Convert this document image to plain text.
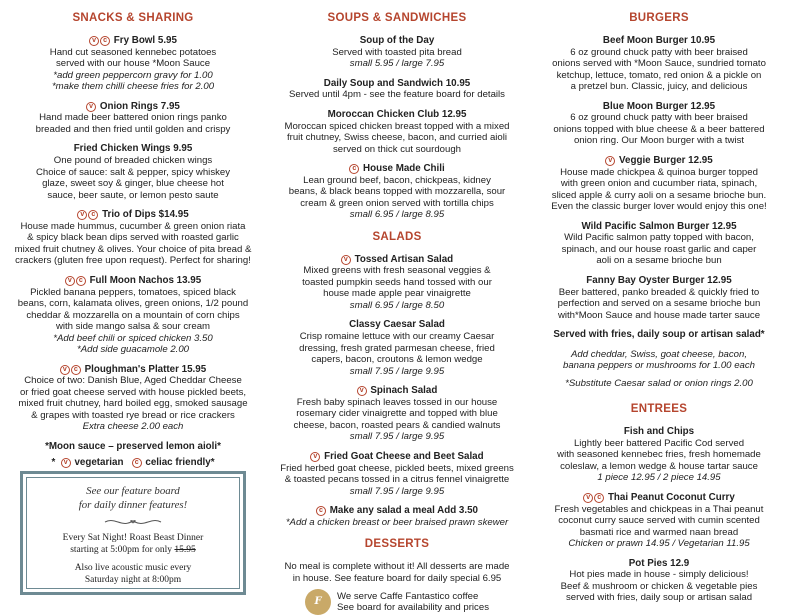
SNACKS & SHARING
v c Fry Bowl 5.95
Hand cut seasoned kennebec potatoes
served with our house *Moon Sauce
*add green peppercorn gravy for 1.00
*make them chilli cheese fries for 2.00
v Onion Rings 7.95
Hand made beer battered onion rings panko
breaded and then fried until golden and crispy
Fried Chicken Wings 9.95
One pound of breaded chicken wings
Choice of sauce: salt & pepper, spicy whiskey
glaze, sweet soy & ginger, blue cheese hot
sauce, beer saute, or lemon pesto saute
v c Trio of Dips $14.95
House made hummus, cucumber & green onion riata
& spicy black bean dips served with roasted garlic
mixed fruit chutney & olives. Your choice of pita bread &
crackers (gluten free upon request). Perfect for sharing!
v c Full Moon Nachos 13.95
Pickled banana peppers, tomatoes, spiced black
beans, corn, kalamata olives, green onions, 1/2 pound
cheddar & mozzarella on a mountain of corn chips
with side mango salsa & sour cream
*Add beef chili or spiced chicken 3.50
*Add side guacamole 2.00
v c Ploughman's Platter 15.95
Choice of two: Danish Blue, Aged Cheddar Cheese
or fried goat cheese served with house pickled beets,
mixed fruit chutney, hard boiled egg, smoked sausage
& grapes with toasted rye bread or rice crackers
Extra cheese 2.00 each
*Moon sauce – preserved lemon aioli*
* v vegetarian c celiac friendly*
See our feature board
for daily dinner features!
Every Sat Night! Roast Beast Dinner
starting at 5:00pm for only 15.95
Also live acoustic music every
Saturday night at 8:00pm
SOUPS & SANDWICHES
Soup of the Day
Served with toasted pita bread
small 5.95 / large 7.95
Daily Soup and Sandwich 10.95
Served until 4pm - see the feature board for details
Moroccan Chicken Club 12.95
Moroccan spiced chicken breast topped with a mixed
fruit chutney, Swiss cheese, bacon, and curried aioli
served on thick cut sourdough
c House Made Chili
Lean ground beef, bacon, chickpeas, kidney
beans, & black beans topped with mozzarella, sour
cream & green onion served with tortilla chips
small 6.95 / large 8.95
SALADS
v Tossed Artisan Salad
Mixed greens with fresh seasonal veggies &
toasted pumpkin seeds hand tossed with our
house made apple pear vinaigrette
small 6.95 / large 8.50
Classy Caesar Salad
Crisp romaine lettuce with our creamy Caesar
dressing, fresh grated parmesan cheese, fried
capers, bacon, croutons & lemon wedge
small 7.95 / large 9.95
v Spinach Salad
Fresh baby spinach leaves tossed in our house
rosemary cider vinaigrette and topped with blue
cheese, bacon, roasted pears & candied walnuts
small 7.95 / large 9.95
v Fried Goat Cheese and Beet Salad
Fried herbed goat cheese, pickled beets, mixed greens
& toasted pecans tossed in a citrus fennel vinaigrette
small 7.95 / large 9.95
c Make any salad a meal Add 3.50
*Add a chicken breast or beer braised prawn skewer
DESSERTS
No meal is complete without it! All desserts are made
in house. See feature board for daily special 6.95
F	We serve Caffe Fantastico coffee
See board for availability and prices
BURGERS
Beef Moon Burger 10.95
6 oz ground chuck patty with beer braised
onions served with *Moon Sauce, sundried tomato
ketchup, lettuce, tomato, red onion & a pickle on
a pretzel bun. Classic, juicy, and delicious
Blue Moon Burger 12.95
6 oz ground chuck patty with beer braised
onions topped with blue cheese & a beer battered
onion ring. Our Moon burger with a twist
v Veggie Burger 12.95
House made chickpea & quinoa burger topped
with green onion and cucumber riata, spinach,
sliced apple & curry aoli on a sesame brioche bun.
Even the classic burger lover would enjoy this one!
Wild Pacific Salmon Burger 12.95
Wild Pacific salmon patty topped with bacon,
spinach, and our house roast garlic and caper
aoli on a sesame brioche bun
Fanny Bay Oyster Burger 12.95
Beer battered, panko breaded & quickly fried to
perfection and served on a sesame brioche bun
with*Moon Sauce and house made tarter sauce
Served with fries, daily soup or artisan salad*
Add cheddar, Swiss, goat cheese, bacon,
banana peppers or mushrooms for 1.00 each
*Substitute Caesar salad or onion rings 2.00
ENTREES
Fish and Chips
Lightly beer battered Pacific Cod served
with seasoned kennebec fries, fresh homemade
coleslaw, a lemon wedge & house tartar sauce
1 piece 12.95 / 2 piece 14.95
v c Thai Peanut Coconut Curry
Fresh vegetables and chickpeas in a Thai peanut
coconut curry sauce served with cumin scented
basmati rice and warmed naan bread
Chicken or prawn 14.95 / Vegetarian 11.95
Pot Pies 12.9
Hot pies made in house - simply delicious!
Beef & mushroom or chicken & vegetable pies
served with fries, daily soup or artisan salad
